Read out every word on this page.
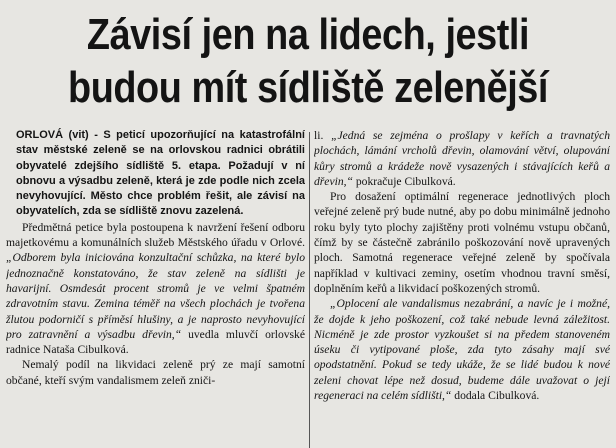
Závisí jen na lidech, jestli
budou mít sídliště zelenější

ORLOVÁ (vit) - S peticí upozorňující na katastrofální stav městské zeleně se na orlovskou radnici obrátili obyvatelé zdejšího sídliště 5. etapa. Požadují v ní obnovu a výsadbu zeleně, která je zde podle nich zcela nevyhovující. Město chce problém řešit, ale závisí na obyvatelích, zda se sídliště znovu zazelená.

Předmětná petice byla postoupena k navržení řešení odboru majetkovému a komunálních služeb Městského úřadu v Orlové. „Odborem byla iniciována konzultační schůzka, na které bylo jednoznačně konstatováno, že stav zeleně na sídlišti je havarijní. Osmdesát procent stromů je ve velmi špatném zdravotním stavu. Zemina téměř na všech plochách je tvořena žlutou podorničí s příměsí hlušiny, a je naprosto nevyhovující pro zatravnění a výsadbu dřevin,“ uvedla mluvčí orlovské radnice Nataša Cibulková.

Nemalý podíl na likvidaci zeleně prý ze mají samotní občané, kteří svým vandalismem zeleň zniči-

li. „Jedná se zejména o prošlapy v keřích a travnatých plochách, lámání vrcholů dřevin, olamování větví, olupování kůry stromů a krádeže nově vysazených i stávajících keřů a dřevin,“ pokračuje Cibulková.

Pro dosažení optimální regenerace jednotlivých ploch veřejné zeleně prý bude nutné, aby po dobu minimálně jednoho roku byly tyto plochy zajištěny proti volnému vstupu občanů, čímž by se částečně zabránilo poškozování nově upravených ploch. Samotná regenerace veřejné zeleně by spočívala například v kultivaci zeminy, osetím vhodnou travní směsí, doplněním keřů a likvidací poškozených stromů.

„Oplocení ale vandalismus nezabrání, a navíc je i možné, že dojde k jeho poškození, což také nebude levná záležitost. Nicméně je zde prostor vyzkoušet si na předem stanoveném úseku či vytipované ploše, zda tyto zásahy mají své opodstatnění. Pokud se tedy ukáže, že se lidé budou k nové zeleni chovat lépe než dosud, budeme dále uvažovat o její regeneraci na celém sídlišti,“ dodala Cibulková.
